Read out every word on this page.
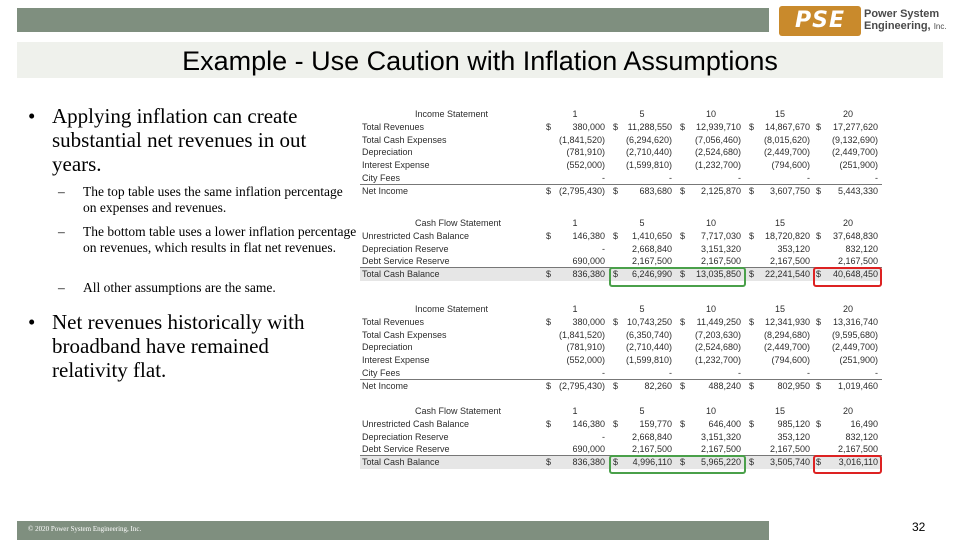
PSE	Power System
Engineering, Inc.
Example - Use Caution with Inflation Assumptions
• Applying inflation can create substantial net revenues in out years.
– The top table uses the same inflation percentage on expenses and revenues.
– The bottom table uses a lower inflation percentage on revenues, which results in flat net revenues.
– All other assumptions are the same.
• Net revenues historically with broadband have remained relativity flat.
Income Statement	1	5	10	15	20
Total Revenues	$	380,000 $	11,288,550 $	12,939,710 $	14,867,670 $	17,277,620
Total Cash Expenses	(1,841,520)	(6,294,620)	(7,056,460)	(8,015,620)	(9,132,690)
Depreciation	(781,910)	(2,710,440)	(2,524,680)	(2,449,700)	(2,449,700)
Interest Expense	(552,000)	(1,599,810)	(1,232,700)	(794,600)	(251,900)
City Fees	-	-	-	-	-
Net Income	$ (2,795,430) $	683,680 $	2,125,870 $	3,607,750 $	5,443,330
Cash Flow Statement	1	5	10	15	20
Unrestricted Cash Balance	$	146,380 $	1,410,650 $	7,717,030 $	18,720,820 $	37,648,830
Depreciation Reserve	-	2,668,840	3,151,320	353,120	832,120
Debt Service Reserve	690,000	2,167,500	2,167,500	2,167,500	2,167,500
Total Cash Balance	$	836,380 $	6,246,990 $	13,035,850 $	22,241,540 $	40,648,450
Income Statement	1	5	10	15	20
Total Revenues	$	380,000 $ 10,743,250 $	11,449,250 $	12,341,930 $	13,316,740
Total Cash Expenses	(1,841,520)	(6,350,740)	(7,203,630)	(8,294,680)	(9,595,680)
Depreciation	(781,910)	(2,710,440)	(2,524,680)	(2,449,700)	(2,449,700)
Interest Expense	(552,000)	(1,599,810)	(1,232,700)	(794,600)	(251,900)
City Fees	-	-	-	-	-
Net Income	$ (2,795,430) $	82,260 $	488,240 $	802,950 $	1,019,460
Cash Flow Statement	1	5	10	15	20
Unrestricted Cash Balance	$	146,380 $	159,770 $	646,400 $	985,120 $	16,490
Depreciation Reserve	-	2,668,840	3,151,320	353,120	832,120
Debt Service Reserve	690,000	2,167,500	2,167,500	2,167,500	2,167,500
Total Cash Balance	$	836,380 $	4,996,110 $	5,965,220 $	3,505,740 $	3,016,110
© 2020 Power System Engineering, Inc.	32
